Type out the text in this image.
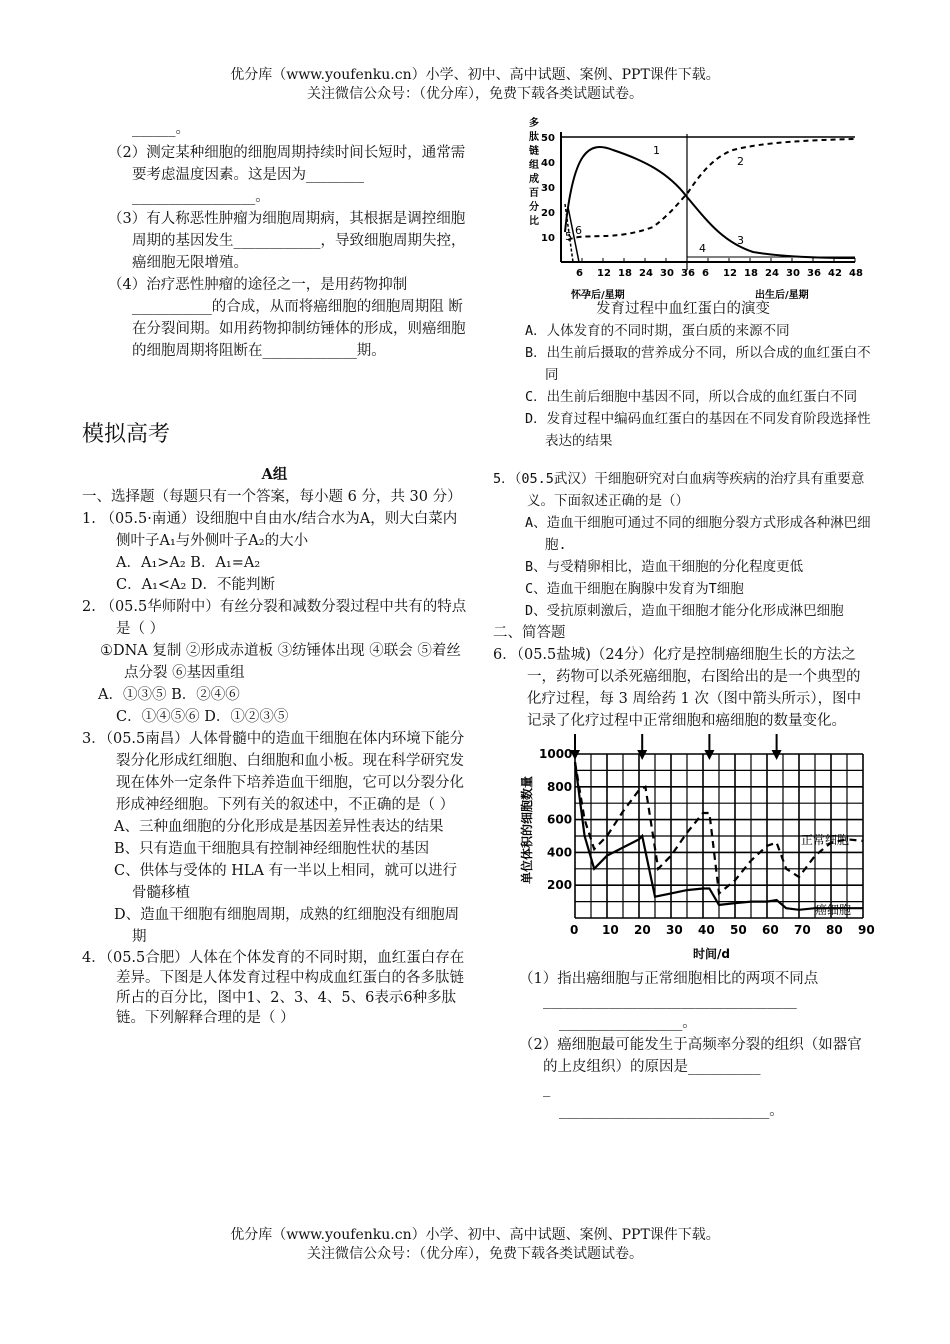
优分库（www.youfenku.cn）小学、初中、高中试题、案例、PPT课件下载。
关注微信公众号：（优分库），免费下载各类试题试卷。

______。

（2）测定某种细胞的细胞周期持续时间长短时，通常需要考虑温度因素。这是因为________

_________________。

（3）有人称恶性肿瘤为细胞周期病，其根据是调控细胞周期的基因发生____________，导致细胞周期失控，癌细胞无限增殖。

（4）治疗恶性肿瘤的途径之一，是用药物抑制___________的合成，从而将癌细胞的细胞周期阻 断在分裂间期。如用药物抑制纺锤体的形成，则癌细胞的细胞周期将阻断在_____________期。

模拟高考

A组

一、选择题（每题只有一个答案，每小题 6 分，共 30 分）

1. （05.5·南通）设细胞中自由水/结合水为A，则大白菜内侧叶子A₁与外侧叶子A₂的大小

A．A₁>A₂ B．A₁=A₂

C．A₁<A₂ D．不能判断

2. （05.5华师附中）有丝分裂和减数分裂过程中共有的特点是（ ）

①DNA 复制 ②形成赤道板 ③纺锤体出现 ④联会 ⑤着丝点分裂 ⑥基因重组

A．①③⑤ B．②④⑥

C．①④⑤⑥ D．①②③⑤

3．（05.5南昌）人体骨髓中的造血干细胞在体内环境下能分裂分化形成红细胞、白细胞和血小板。现在科学研究发现在体外一定条件下培养造血干细胞，它可以分裂分化形成神经细胞。下列有关的叙述中，不正确的是（ ）

A、三种血细胞的分化形成是基因差异性表达的结果

B、只有造血干细胞具有控制神经细胞性状的基因

C、供体与受体的 HLA 有一半以上相同，就可以进行骨髓移植

D、造血干细胞有细胞周期，成熟的红细胞没有细胞周期

4．（05.5合肥）人体在个体发育的不同时期，血红蛋白存在差异。下图是人体发育过程中构成血红蛋白的各多肽链所占的百分比，图中1、2、3、4、5、6表示6种多肽链。下列解释合理的是（ ）

多
肽
链
组
成
百
分
比
6 12 18 24 30 36 6 12 18 24 30 36 42 48
10
20
30
40
50
1
2
3
4
5 6
怀孕后/星期	出生后/星期

发育过程中血红蛋白的演变

A．人体发育的不同时期，蛋白质的来源不同

B．出生前后摄取的营养成分不同，所以合成的血红蛋白不同

C．出生前后细胞中基因不同，所以合成的血红蛋白不同

D．发育过程中编码血红蛋白的基因在不同发育阶段选择性表达的结果

5．（05.5武汉）干细胞研究对白血病等疾病的治疗具有重要意义。下面叙述正确的是（）

A、造血干细胞可通过不同的细胞分裂方式形成各种淋巴细胞.

B、与受精卵相比，造血干细胞的分化程度更低

C、造血干细胞在胸腺中发育为T细胞

D、受抗原刺激后，造血干细胞才能分化形成淋巴细胞

二、简答题

6．（05.5盐城)（24分）化疗是控制癌细胞生长的方法之一，药物可以杀死癌细胞，右图给出的是一个典型的化疗过程，每 3 周给药 1 次（图中箭头所示），图中记录了化疗过程中正常细胞和癌细胞的数量变化。

0 10 20 30 40 50 60 70 80 90
200
400
600
800
1000
单位体积的细胞数量
时间/d
正常细胞
癌细胞

（1）指出癌细胞与正常细胞相比的两项不同点___________________________________

_________________。

（2）癌细胞最可能发生于高频率分裂的组织（如器官的上皮组织）的原因是__________

_

_____________________________。

优分库（www.youfenku.cn）小学、初中、高中试题、案例、PPT课件下载。
关注微信公众号：（优分库），免费下载各类试题试卷。
